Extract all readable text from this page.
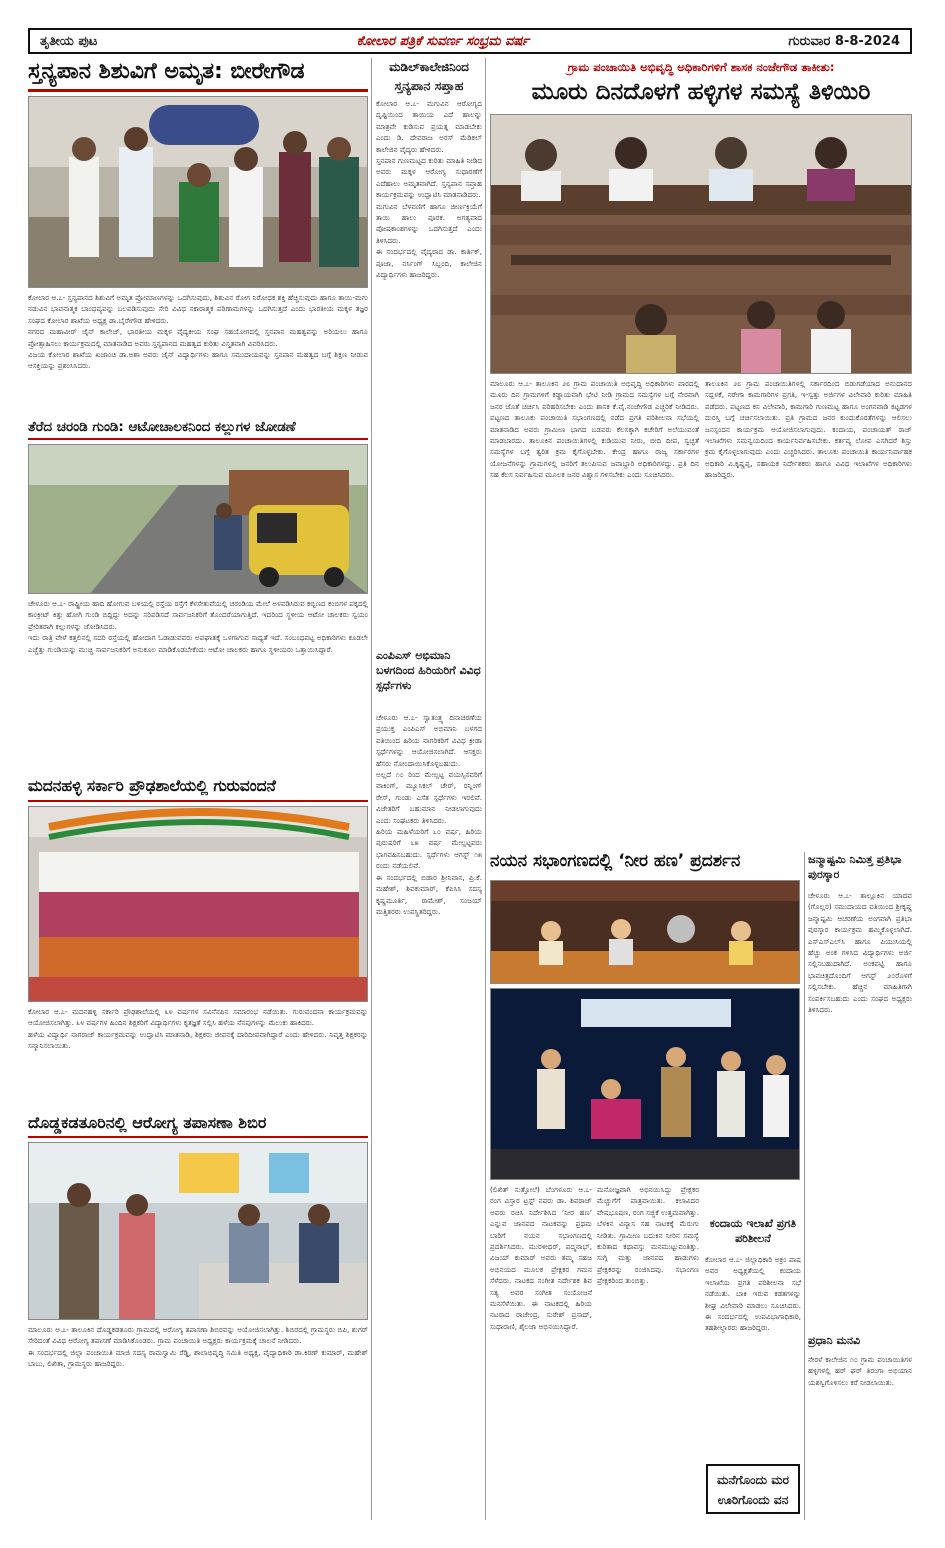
ತೃತೀಯ ಪುಟ	ಕೋಲಾರ ಪತ್ರಿಕೆ ಸುವರ್ಣ ಸಂಭ್ರಮ ವರ್ಷ	ಗುರುವಾರ 8-8-2024
ಸ್ತನ್ಯಪಾನ ಶಿಶುವಿಗೆ ಅಮೃತ: ಬೀರೇಗೌಡ

ಕೋಲಾರ ಆ.೭- ಸ್ತನ್ಯಪಾನದ ಶಿಶುವಿಗೆ ಅಮೃತ ಪ್ರೋಮಾಣಗಳನ್ನು ಒದಗಿಸುವುದು, ಶಿಶುವಿನ ರೋಗ ನಿರೋಧಕ ಶಕ್ತಿ ಹೆಚ್ಚಿಸುವುದು ಹಾಗೂ ತಾಯಿ-ಮಗು ನಡುವಿನ ಭಾವನಾತ್ಮಕ ಬಾಂಧವ್ಯವನ್ನು ಬಲಪಡಿಸುವುದು ಸೇರಿ ವಿವಿಧ ಸಕಾರಾತ್ಮಕ ಪರಿಣಾಮಗಳನ್ನು ಒದಗಿಸುತ್ತದೆ ಎಂದು ಭಾರತೀಯ ಮಕ್ಕಳ ತಜ್ಞರ ಸಂಘದ ಕೋಲಾರ ಶಾಖೆಯ ಅಧ್ಯಕ್ಷ ಡಾ.ಬೈರೇಗೌಡ ಹೇಳಿದರು.

ನಗರದ ಮಹಾವೀರ್ ಜೈನ್ ಕಾಲೇಜ್, ಭಾರತೀಯ ಮಕ್ಕಳ ವೈದ್ಯಕೀಯ ಸಂಘ ಸಹಯೋಗದಲ್ಲಿ ಸ್ತನಪಾನ ಮಹತ್ವವನ್ನು ಅರಿಯಲು ಹಾಗೂ ಪ್ರೋತ್ಸಾಹಿಸಲು ಕಾರ್ಯಕ್ರಮದಲ್ಲಿ ಮಾತನಾಡಿದ ಅವರು ಸ್ತನ್ಯಪಾನದ ಮಹತ್ವದ ಕುರಿತು ವಿಸ್ತೃತವಾಗಿ ವಿವರಿಸಿದರು.

ವಿಜಯ ಕೋಲಾರ ಶಾಖೆಯ ಖಜಾಂಚಿ ಡಾ.ಅಶಾ ಅವರು ಜೈನ್ ವಿದ್ಯಾರ್ಥಿಗಳು ಹಾಗೂ ಸಮುದಾಯವನ್ನು ಸ್ತನಪಾನ ಮಹತ್ವದ ಬಗ್ಗೆ ಶಿಕ್ಷಣ ನೀಡುವ ಆಸಕ್ತಿಯನ್ನು ಪ್ರಶಂಸಿಸಿದರು.

ತೆರೆದ ಚರಂಡಿ ಗುಂಡಿ: ಆಟೋಚಾಲಕನಿಂದ ಕಲ್ಲುಗಳ ಜೋಡಣೆ

ಚೇಳೂರು ಆ.೭- ರಾಷ್ಟ್ರೀಯ ಹಾದಿ ಹೋಗುವ ಬಳಿಯಲ್ಲಿ ರಸ್ತೆಯ ರಸ್ತೆಗೆ ಕೆಳಸೇತುವೆಯಲ್ಲಿ ಚರಂಡಿಯ ಮೇಲೆ ಅಳವಡಿಸಿರುವ ಕಬ್ಬಿಣದ ಕಂಬಿಗಳ ಪಕ್ಕದಲ್ಲಿ ಕಾಂಕ್ರೀಟ್ ಕಿತ್ತು ಹೋಗಿ ಗುಂಡಿ ಬಿದ್ದಿದ್ದು ಅದನ್ನು ಸರಿಪಡಿಸದೆ ಸಾರ್ವಜನಿಕರಿಗೆ ತೊಂದರೆಯಾಗುತ್ತಿದೆ. ಇದರಿಂದ ಸ್ಥಳೀಯ ಆಟೋ ಚಾಲಕರು ಸ್ವಯಂ ಪ್ರೇರಿತರಾಗಿ ಕಲ್ಲುಗಳನ್ನು ಜೋಡಿಸಿದರು.

ಇದು ರಾತ್ರಿ ವೇಳೆ ಕತ್ತಲಿನಲ್ಲಿ ಸದರಿ ರಸ್ತೆಯಲ್ಲಿ ಹೋದಾಗ ಓಡಾಡುವವರು ಅಪಘಾತಕ್ಕೆ ಒಳಗಾಗುವ ಸಾಧ್ಯತೆ ಇದೆ. ಸಂಬಂಧಪಟ್ಟ ಅಧಿಕಾರಿಗಳು ಕೂಡಲೇ ಎಚ್ಚೆತ್ತು ಗುಂಡಿಯನ್ನು ಮುಚ್ಚಿ ಸಾರ್ವಜನಿಕರಿಗೆ ಅನುಕೂಲ ಮಾಡಿಕೊಡಬೇಕೆಂದು ಆಟೋ ಚಾಲಕರು ಹಾಗೂ ಸ್ಥಳೀಯರು ಒತ್ತಾಯಿಸಿದ್ದಾರೆ.

ಮದನಹಳ್ಳಿ ಸರ್ಕಾರಿ ಪ್ರೌಢಶಾಲೆಯಲ್ಲಿ ಗುರುವಂದನೆ

ಕೋಲಾರ ಆ.೭- ಮದನಹಳ್ಳಿ ಸರ್ಕಾರಿ ಪ್ರೌಢಶಾಲೆಯಲ್ಲಿ ೩೪ ವರ್ಷಗಳ ಸವಿನೆನಪಿನ ಸಮಾರಂಭ ನಡೆಯಿತು. ಗುರುವಂದನಾ ಕಾರ್ಯಕ್ರಮವನ್ನು ಆಯೋಜಿಸಲಾಗಿತ್ತು. ೩೪ ವರ್ಷಗಳ ಹಿಂದಿನ ಶಿಕ್ಷಕರಿಗೆ ವಿದ್ಯಾರ್ಥಿಗಳು ಕೃತಜ್ಞತೆ ಸಲ್ಲಿಸಿ ಹಳೆಯ ನೆನಪುಗಳನ್ನು ಮೆಲುಕು ಹಾಕಿದರು.

ಹಳೆಯ ವಿದ್ಯಾರ್ಥಿ ನಾಗರಾಜ್ ಕಾರ್ಯಕ್ರಮವನ್ನು ಉದ್ಘಾಟಿಸಿ ಮಾತನಾಡಿ, ಶಿಕ್ಷಕರು ಜೀವನಕ್ಕೆ ದಾರಿದೀಪವಾಗಿದ್ದಾರೆ ಎಂದು ಹೇಳಿದರು. ನಿವೃತ್ತ ಶಿಕ್ಷಕರನ್ನು ಸನ್ಮಾನಿಸಲಾಯಿತು.

ದೊಡ್ಡಕಡತೂರಿನಲ್ಲಿ ಆರೋಗ್ಯ ತಪಾಸಣಾ ಶಿಬಿರ

ಮಾಲೂರು ಆ.೭- ತಾಲೂಕಿನ ದೊಡ್ಡಕಡತೂರು ಗ್ರಾಮದಲ್ಲಿ ಆರೋಗ್ಯ ತಪಾಸಣಾ ಶಿಬಿರವನ್ನು ಆಯೋಜಿಸಲಾಗಿತ್ತು. ಶಿಬಿರದಲ್ಲಿ ಗ್ರಾಮಸ್ಥರು ಬಿಪಿ, ಶುಗರ್ ಸೇರಿದಂತೆ ವಿವಿಧ ಆರೋಗ್ಯ ತಪಾಸಣೆ ಮಾಡಿಸಿಕೊಂಡರು. ಗ್ರಾಮ ಪಂಚಾಯಿತಿ ಅಧ್ಯಕ್ಷರು ಕಾರ್ಯಕ್ರಮಕ್ಕೆ ಚಾಲನೆ ನೀಡಿದರು.

ಈ ಸಂದರ್ಭದಲ್ಲಿ ಜಿಲ್ಲಾ ಪಂಚಾಯಿತಿ ಮಾಜಿ ಸದಸ್ಯ ರಾಮಸ್ವಾಮಿ ರೆಡ್ಡಿ, ಶಾಲಾಭಿವೃದ್ಧಿ ಸಮಿತಿ ಅಧ್ಯಕ್ಷ, ವೈದ್ಯಾಧಿಕಾರಿ ಡಾ.ಕಿರಣ್ ಕುಮಾರ್, ಮಹೇಶ್ ಬಾಬು, ಲಿಖಿತಾ, ಗ್ರಾಮಸ್ಥರು ಹಾಜರಿದ್ದರು.

ಮಡಿಲ್‌ಕಾಲೇಜಿನಿಂದ
ಸ್ತನ್ಯಪಾನ ಸಪ್ತಾಹ

ಕೋಲಾರ ಆ.೭- ಮಗುವಿನ ಆರೋಗ್ಯದ ದೃಷ್ಟಿಯಿಂದ ತಾಯಿಯ ಎದೆ ಹಾಲನ್ನು ಮಾತ್ರವೇ ಕುಡಿಸುವ ಪ್ರಯತ್ನ ಮಾಡಬೇಕು ಎಂದು ಡಿ. ದೇವರಾಜ ಅರಸ್ ಮೆಡಿಕಲ್ ಕಾಲೇಜಿನ ವೈದ್ಯರು ಹೇಳಿದರು.

ಸ್ತನಪಾನ ಗುಣಮಟ್ಟದ ಕುರಿತು ಮಾಹಿತಿ ನೀಡಿದ ಅವರು ಮಕ್ಕಳ ಆರೋಗ್ಯ ಸುಧಾರಣೆಗೆ ಎದೆಹಾಲು ಅಮೃತವಾಗಿದೆ. ಸ್ತನ್ಯಪಾನ ಸಪ್ತಾಹ ಕಾರ್ಯಕ್ರಮವನ್ನು ಉದ್ಘಾಟಿಸಿ ಮಾತನಾಡಿದರು.

ಮಗುವಿನ ಬೆಳವಣಿಗೆ ಹಾಗೂ ಜೀರ್ಣಕ್ರಿಯೆಗೆ ತಾಯಿ ಹಾಲು ಪೂರಕ. ಅಗತ್ಯವಾದ ಪೋಷಕಾಂಶಗಳನ್ನು ಒದಗಿಸುತ್ತದೆ ಎಂದು ತಿಳಿಸಿದರು.

ಈ ಸಂದರ್ಭದಲ್ಲಿ ವೈದ್ಯರಾದ ಡಾ. ಕಾರ್ತಿಕ್, ಪೂಜಾ, ನರ್ಸಿಂಗ್ ಸಿಬ್ಬಂದಿ, ಕಾಲೇಜಿನ ವಿದ್ಯಾರ್ಥಿಗಳು ಹಾಜರಿದ್ದರು.

ಎಂಪಿಎಸ್ ಅಭಿಮಾನಿ ಬಳಗದಿಂದ ಹಿರಿಯರಿಗೆ ವಿವಿಧ ಸ್ಪರ್ಧೆಗಳು

ಚೇಳೂರು ಆ.೭- ಸ್ವಾತಂತ್ರ್ಯ ದಿನಾಚರಣೆಯ ಪ್ರಯುಕ್ತ ಎಂಪಿಎಸ್ ಅಭಿಮಾನಿ ಬಳಗದ ವತಿಯಿಂದ ಹಿರಿಯ ನಾಗರಿಕರಿಗೆ ವಿವಿಧ ಕ್ರೀಡಾ ಸ್ಪರ್ಧೆಗಳನ್ನು ಆಯೋಜಿಸಲಾಗಿದೆ. ಆಸಕ್ತರು ಹೆಸರು ನೋಂದಾಯಿಸಿಕೊಳ್ಳಬಹುದು.

ಅಲ್ಲದೆ ೧೦ ರಿಂದ ಮೇಲ್ಪಟ್ಟ ವಯಸ್ಸಿನವರಿಗೆ ವಾಕಿಂಗ್, ಮ್ಯೂಸಿಕಲ್ ಚೇರ್, ರನ್ನಿಂಗ್ ರೇಸ್, ಗುಂಡು ಎಸೆತ ಸ್ಪರ್ಧೆಗಳು ಇರಲಿವೆ. ವಿಜೇತರಿಗೆ ಬಹುಮಾನ ನೀಡಲಾಗುವುದು ಎಂದು ಸಂಘಟಕರು ತಿಳಿಸಿದರು.

ಹಿರಿಯ ಮಹಿಳೆಯರಿಗೆ ೬೦ ವರ್ಷ, ಹಿರಿಯ ಪುರುಷರಿಗೆ ೬೫ ವರ್ಷ ಮೇಲ್ಪಟ್ಟವರು ಭಾಗವಹಿಸಬಹುದು. ಸ್ಪರ್ಧೆಗಳು ಆಗಸ್ಟ್ ೧೫ ರಂದು ನಡೆಯಲಿವೆ.

ಈ ಸಂದರ್ಭದಲ್ಲಿ ಬಿಡಾರ ಶ್ರೀನಿವಾಸ, ಪ್ರಿ.ಕೆ. ಮಹೇಶ್, ಶಿವಕುಮಾರ್, ಕೆಪಿಸಿಸಿ ಸದಸ್ಯ ಕೃಷ್ಣಮೂರ್ತಿ, ರಾಮೇಶ್, ಸಂಜಯ್ ಮತ್ತಿತರರು ಉಪಸ್ಥಿತರಿದ್ದರು.

ಗ್ರಾಮ ಪಂಚಾಯಿತಿ ಅಭಿವೃದ್ಧಿ ಅಧಿಕಾರಿಗಳಿಗೆ ಶಾಸಕ ನಂಜೇಗೌಡ ತಾಕೀತು:
ಮೂರು ದಿನದೊಳಗೆ ಹಳ್ಳಿಗಳ ಸಮಸ್ಯೆ ತಿಳಿಯಿರಿ

ಮಾಲೂರು ಆ.೭- ತಾಲೂಕಿನ ೨೮ ಗ್ರಾಮ ಪಂಚಾಯಿತಿ ಅಭಿವೃದ್ಧಿ ಅಧಿಕಾರಿಗಳು ವಾರದಲ್ಲಿ ಮೂರು ದಿನ ಗ್ರಾಮಗಳಿಗೆ ಕಡ್ಡಾಯವಾಗಿ ಭೇಟಿ ನೀಡಿ ಗ್ರಾಮದ ಸಮಸ್ಯೆಗಳ ಬಗ್ಗೆ ನೇರವಾಗಿ ಜನರ ಜೊತೆ ಚರ್ಚಿಸಿ ಪರಿಹರಿಸಬೇಕು ಎಂದು ಶಾಸಕ ಕೆ.ವೈ.ನಂಜೇಗೌಡ ಎಚ್ಚರಿಕೆ ನೀಡಿದರು. ಪಟ್ಟಣದ ತಾಲೂಕು ಪಂಚಾಯಿತಿ ಸಭಾಂಗಣದಲ್ಲಿ ನಡೆದ ಪ್ರಗತಿ ಪರಿಶೀಲನಾ ಸಭೆಯಲ್ಲಿ ಮಾತನಾಡಿದ ಅವರು ಗ್ರಾಮೀಣ ಭಾಗದ ಬಡವರು ಕೆಲಸಕ್ಕಾಗಿ ಕಚೇರಿಗೆ ಅಲೆಯುವಂತೆ ಮಾಡಬಾರದು. ತಾಲೂಕಿನ ಪಂಚಾಯಿತಿಗಳಲ್ಲಿ ಕುಡಿಯುವ ನೀರು, ಬೀದಿ ದೀಪ, ಸ್ವಚ್ಛತೆ ಸಮಸ್ಯೆಗಳ ಬಗ್ಗೆ ತ್ವರಿತ ಕ್ರಮ ಕೈಗೊಳ್ಳಬೇಕು. ಕೇಂದ್ರ ಹಾಗೂ ರಾಜ್ಯ ಸರ್ಕಾರಗಳ ಯೋಜನೆಗಳನ್ನು ಗ್ರಾಮಗಳಲ್ಲಿ ಜನರಿಗೆ ತಲುಪಿಸುವ ಜವಾಬ್ದಾರಿ ಅಧಿಕಾರಿಗಳದ್ದು. ಪ್ರತಿ ದಿನ ಸಹ ಕೆಲಸ ನಿರ್ವಹಿಸುವ ಮೂಲಕ ಜನರ ವಿಶ್ವಾಸ ಗಳಿಸಬೇಕು ಎಂದು ಸೂಚಿಸಿದರು.

ತಾಲೂಕಿನ ೨೮ ಗ್ರಾಮ ಪಂಚಾಯಿತಿಗಳಲ್ಲಿ ಸರ್ಕಾರದಿಂದ ಬಿಡುಗಡೆಯಾದ ಅನುದಾನದ ಸದ್ಬಳಕೆ, ನರೇಗಾ ಕಾಮಗಾರಿಗಳ ಪ್ರಗತಿ, ಇ-ಸ್ವತ್ತು ಅರ್ಜಿಗಳ ವಿಲೇವಾರಿ ಕುರಿತು ಮಾಹಿತಿ ಪಡೆದರು. ಪಟ್ಟಣದ ಕಸ ವಿಲೇವಾರಿ, ಕಾಮಗಾರಿ ಗುಣಮಟ್ಟ ಹಾಗೂ ಅಂಗನವಾಡಿ ಕಟ್ಟಡಗಳ ದುರಸ್ತಿ ಬಗ್ಗೆ ಚರ್ಚಿಸಲಾಯಿತು. ಪ್ರತಿ ಗ್ರಾಮದ ಜನರ ಕುಂದುಕೊರತೆಗಳನ್ನು ಆಲಿಸಲು ಜನಸ್ಪಂದನ ಕಾರ್ಯಕ್ರಮ ಆಯೋಜಿಸಲಾಗುವುದು. ಕಂದಾಯ, ಪಂಚಾಯತ್ ರಾಜ್ ಇಲಾಖೆಗಳು ಸಮನ್ವಯದಿಂದ ಕಾರ್ಯನಿರ್ವಹಿಸಬೇಕು. ಕರ್ತವ್ಯ ಲೋಪ ಎಸಗಿದರೆ ಶಿಸ್ತು ಕ್ರಮ ಕೈಗೊಳ್ಳಲಾಗುವುದು ಎಂದು ಎಚ್ಚರಿಸಿದರು. ತಾಲೂಕು ಪಂಚಾಯಿತಿ ಕಾರ್ಯನಿರ್ವಾಹಕ ಅಧಿಕಾರಿ ವಿ.ಕೃಷ್ಣಪ್ಪ, ಸಹಾಯಕ ನಿರ್ದೇಶಕರು ಹಾಗೂ ವಿವಿಧ ಇಲಾಖೆಗಳ ಅಧಿಕಾರಿಗಳು ಹಾಜರಿದ್ದರು.

ನಯನ ಸಭಾಂಗಣದಲ್ಲಿ ‘ನೀರ ಹಣ’ ಪ್ರದರ್ಶನ	ಜನ್ಮಾಷ್ಟಮಿ ನಿಮಿತ್ತ ಪ್ರತಿಭಾ ಪುರಸ್ಕಾರ

ಚೇಳೂರು ಆ.೭- ತಾಲ್ಲೂಕಿನ ಯಾದವ (ಗೊಲ್ಲರ) ಸಮುದಾಯದ ವತಿಯಿಂದ ಶ್ರೀಕೃಷ್ಣ ಜನ್ಮಾಷ್ಟಮಿ ಆಚರಣೆಯ ಅಂಗವಾಗಿ ಪ್ರತಿಭಾ ಪುರಸ್ಕಾರ ಕಾರ್ಯಕ್ರಮ ಹಮ್ಮಿಕೊಳ್ಳಲಾಗಿದೆ. ಎಸ್ಎಸ್ಎಲ್‌ಸಿ ಹಾಗೂ ಪಿಯುಸಿಯಲ್ಲಿ ಹೆಚ್ಚು ಅಂಕ ಗಳಿಸಿದ ವಿದ್ಯಾರ್ಥಿಗಳು ಅರ್ಜಿ ಸಲ್ಲಿಸಬಹುದಾಗಿದೆ. ಅಂಕಪಟ್ಟಿ ಹಾಗೂ ಭಾವಚಿತ್ರದೊಂದಿಗೆ ಆಗಸ್ಟ್ ೨೦ರೊಳಗೆ ಸಲ್ಲಿಸಬೇಕು. ಹೆಚ್ಚಿನ ಮಾಹಿತಿಗಾಗಿ ಸಂಪರ್ಕಿಸಬಹುದು ಎಂದು ಸಂಘದ ಅಧ್ಯಕ್ಷರು ತಿಳಿಸಿದರು.

ಪ್ರಧಾನಿ ಮನವಿ

ನೇರಳೆ ಕಾಲೇಜಿನ ೧೦ ಗ್ರಾಮ ಪಂಚಾಯಿತಿಗಳ ಹಳ್ಳಿಗಳಲ್ಲಿ ಹರ್ ಘರ್ ತಿರಂಗಾ ಅಭಿಯಾನ ಯಶಸ್ವಿಗೊಳಿಸಲು ಕರೆ ನೀಡಲಾಯಿತು.

(ಲಿಖಿತ್ ಸುತ್ತೋಲೆ) ಬೆಂಗಳೂರು ಆ.೭- ರಂಗ ವಿಸ್ತಾರ ಟ್ರಸ್ಟ್ ನವರು ಡಾ. ಶಿವರಾಜ್ ಅವರು ರಚಿಸಿ ನಿರ್ದೇಶಿಸಿದ ‘ನೀರ ಹಣ’ ಎನ್ನುವ ಜಾನಪದ ನಾಟಕವನ್ನು ಪ್ರಥಮ ಬಾರಿಗೆ ನಯನ ಸಭಾಂಗಣದಲ್ಲಿ ಪ್ರದರ್ಶಿಸಿದರು. ಮುರಳೀಧರ್, ಪದ್ಮನಾಭ್, ವಿಜಯ್ ಕುಮಾರ್ ಅವರು ತಮ್ಮ ಸಹಜ ಅಭಿನಯದ ಮೂಲಕ ಪ್ರೇಕ್ಷಕರ ಗಮನ ಸೆಳೆದರು. ನಾಟಕದ ಸಂಗೀತ ನಿರ್ದೇಶಕ ಶಿವ ಸತ್ಯ ಅವರ ಸಂಗೀತ ಸಂಯೋಜನೆ ಮನಸೆಳೆಯಿತು. ಈ ನಾಟಕದಲ್ಲಿ ಹಿರಿಯ ನಟರಾದ ರಾಜೇಂದ್ರ, ಸುರೇಶ್ ಪ್ರಸಾದ್, ಸುಧಾರಾಣಿ, ಶೈಲಜಾ ಅಭಿನಯಿಸಿದ್ದಾರೆ.

ಮನೋಜ್ಞವಾಗಿ ಅಭಿನಯಿಸಿದ್ದು ಪ್ರೇಕ್ಷಕರ ಮೆಚ್ಚುಗೆಗೆ ಪಾತ್ರವಾಯಿತು. ಕಲಾವಿದರ ವೇಷಭೂಷಣ, ರಂಗ ಸಜ್ಜಿಕೆ ಉತ್ತಮವಾಗಿತ್ತು. ಬೆಳಕಿನ ವಿನ್ಯಾಸ ಸಹ ನಾಟಕಕ್ಕೆ ಮೆರುಗು ನೀಡಿತು. ಗ್ರಾಮೀಣ ಬದುಕಿನ ನೀರಿನ ಸಮಸ್ಯೆ ಕುರಿತಾದ ಕಥಾವಸ್ತು ಮನಮುಟ್ಟುವಂತಿತ್ತು. ಸುಗ್ಗಿ ಮತ್ತು ಜಾನಪದ ಹಾಡುಗಳು ಪ್ರೇಕ್ಷಕರನ್ನು ರಂಜಿಸಿದವು. ಸಭಾಂಗಣ ಪ್ರೇಕ್ಷಕರಿಂದ ತುಂಬಿತ್ತು.

ಕಂದಾಯ ಇಲಾಖೆ ಪ್ರಗತಿ ಪರಿಶೀಲನೆ

ಕೋಲಾರ ಆ.೭- ಜಿಲ್ಲಾಧಿಕಾರಿ ಅಕ್ರಂ ಪಾಷ ಅವರ ಅಧ್ಯಕ್ಷತೆಯಲ್ಲಿ ಕಂದಾಯ ಇಲಾಖೆಯ ಪ್ರಗತಿ ಪರಿಶೀಲನಾ ಸಭೆ ನಡೆಯಿತು. ಬಾಕಿ ಇರುವ ಕಡತಗಳನ್ನು ಶೀಘ್ರ ವಿಲೇವಾರಿ ಮಾಡಲು ಸೂಚಿಸಿದರು. ಈ ಸಂದರ್ಭದಲ್ಲಿ ಉಪವಿಭಾಗಾಧಿಕಾರಿ, ತಹಶೀಲ್ದಾರರು ಹಾಜರಿದ್ದರು.

ಮನೆಗೊಂದು ಮರ ಊರಿಗೊಂದು ವನ
